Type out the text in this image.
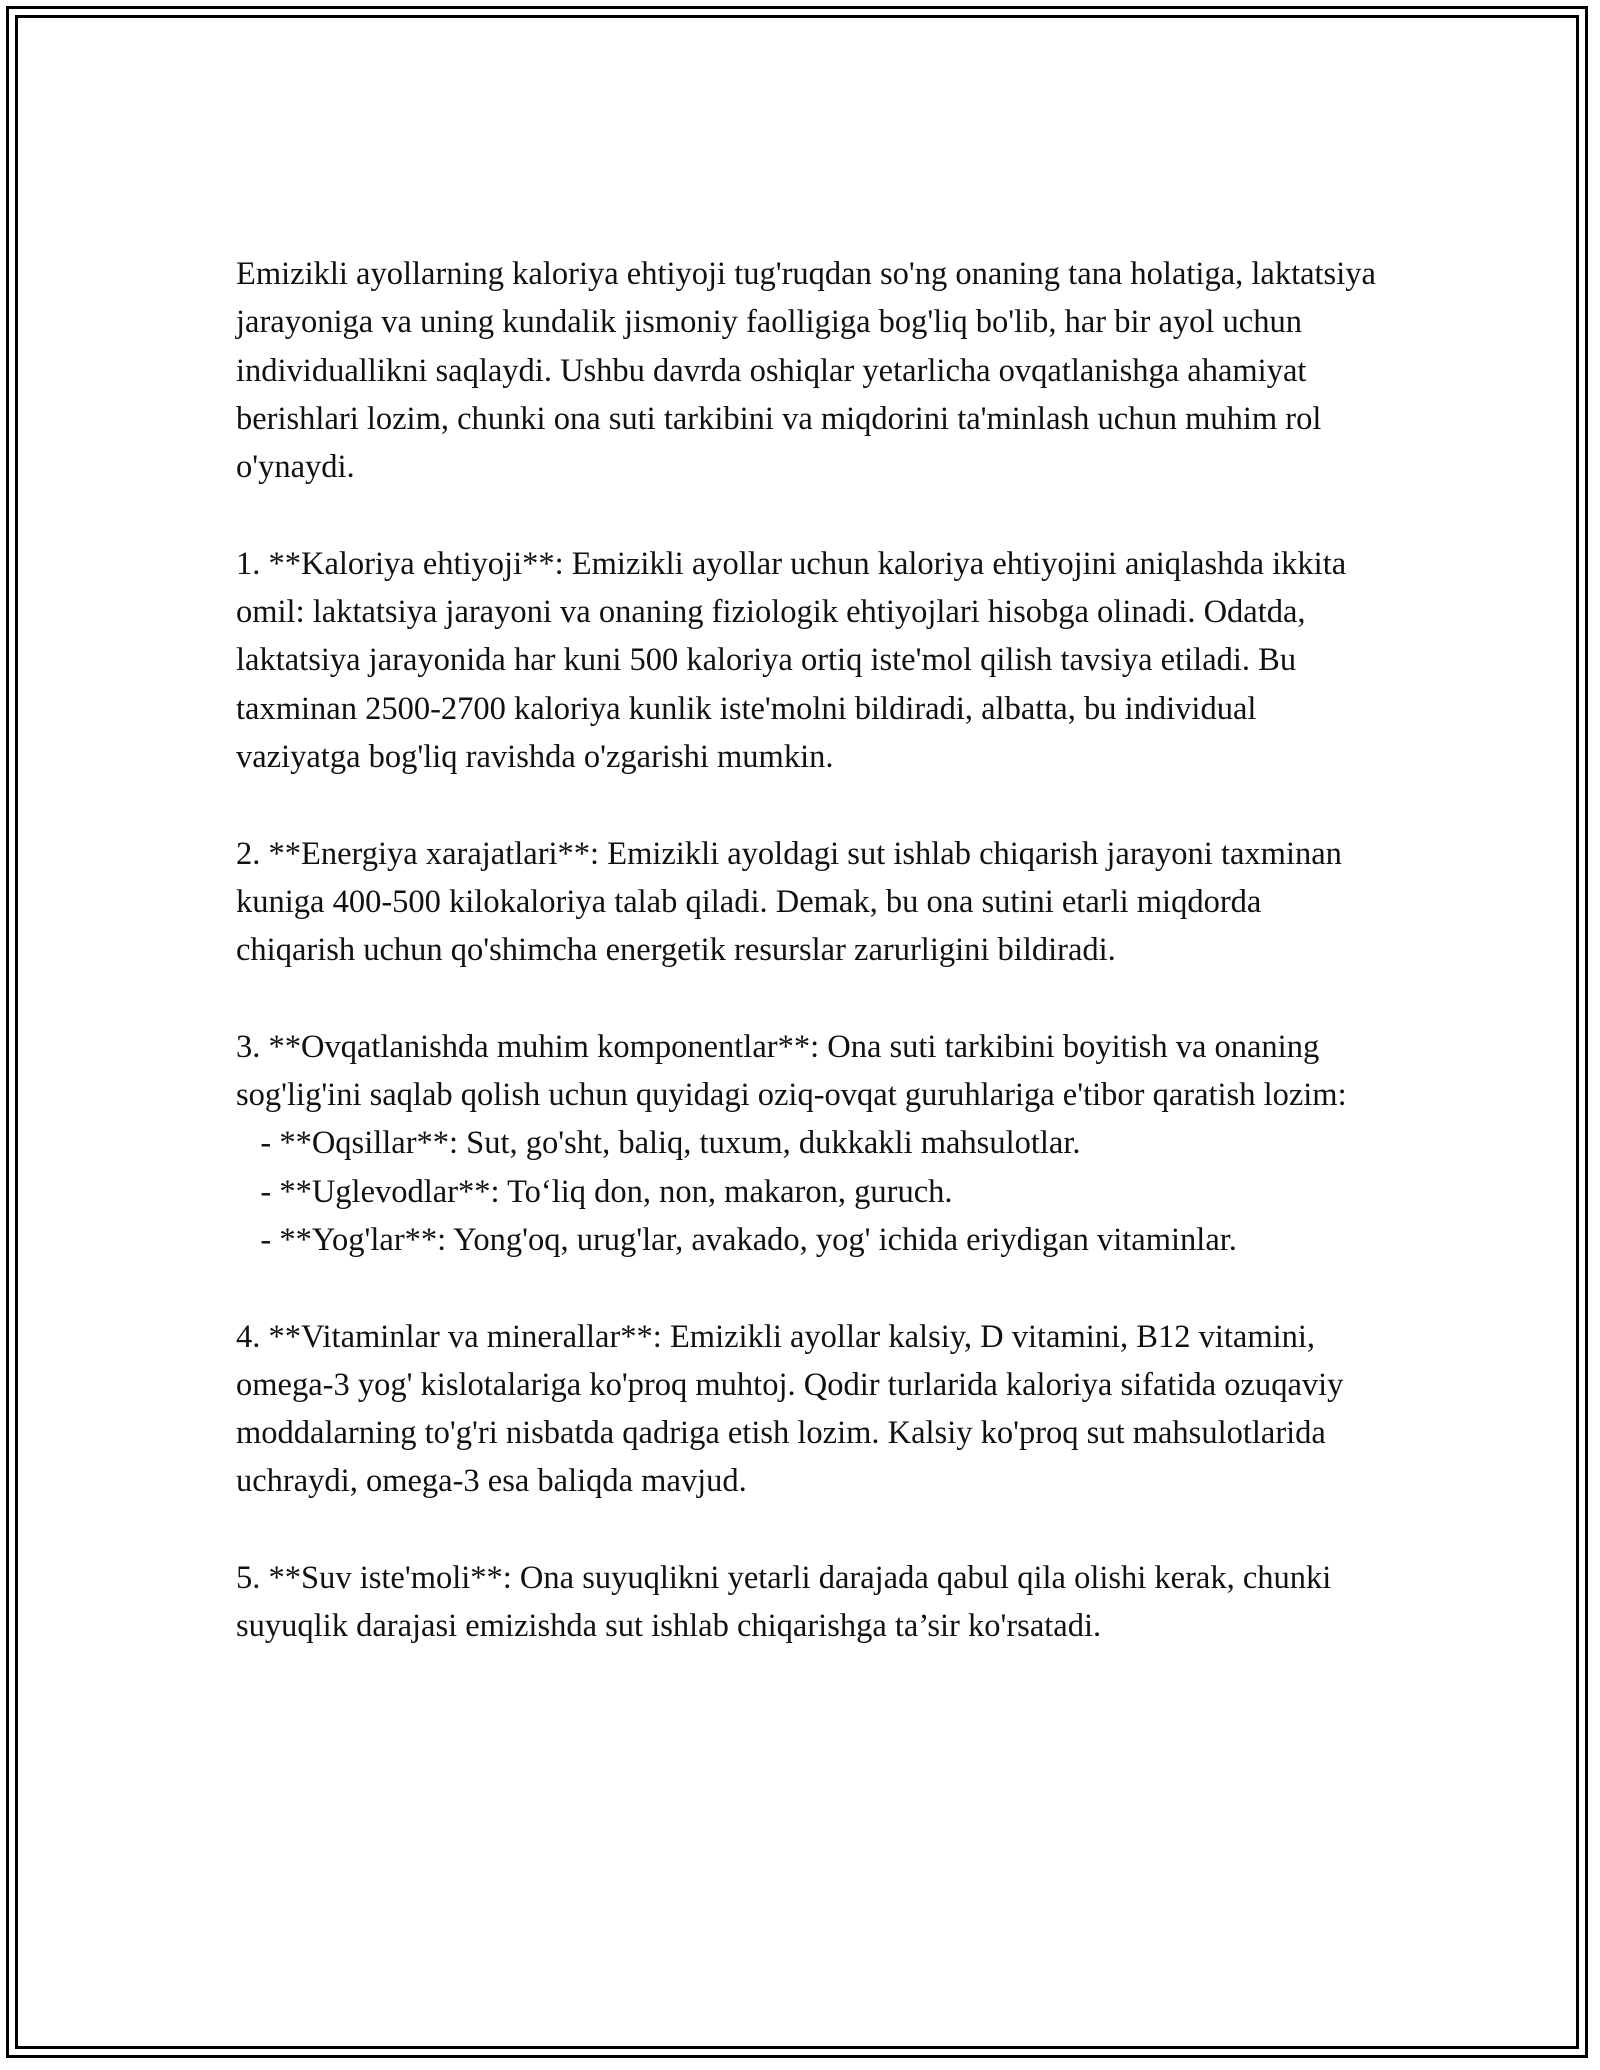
Emizikli ayollarning kaloriya ehtiyoji tug'ruqdan so'ng onaning tana holatiga, laktatsiya jarayoniga va uning kundalik jismoniy faolligiga bog'liq bo'lib, har bir ayol uchun individuallikni saqlaydi. Ushbu davrda oshiqlar yetarlicha ovqatlanishga ahamiyat berishlari lozim, chunki ona suti tarkibini va miqdorini ta'minlash uchun muhim rol o'ynaydi.

1. **Kaloriya ehtiyoji**: Emizikli ayollar uchun kaloriya ehtiyojini aniqlashda ikkita omil: laktatsiya jarayoni va onaning fiziologik ehtiyojlari hisobga olinadi. Odatda, laktatsiya jarayonida har kuni 500 kaloriya ortiq iste'mol qilish tavsiya etiladi. Bu taxminan 2500-2700 kaloriya kunlik iste'molni bildiradi, albatta, bu individual vaziyatga bog'liq ravishda o'zgarishi mumkin.

2. **Energiya xarajatlari**: Emizikli ayoldagi sut ishlab chiqarish jarayoni taxminan kuniga 400-500 kilokaloriya talab qiladi. Demak, bu ona sutini etarli miqdorda chiqarish uchun qo'shimcha energetik resurslar zarurligini bildiradi.

3. **Ovqatlanishda muhim komponentlar**: Ona suti tarkibini boyitish va onaning sog'lig'ini saqlab qolish uchun quyidagi oziq-ovqat guruhlariga e'tibor qaratish lozim:

- **Oqsillar**: Sut, go'sht, baliq, tuxum, dukkakli mahsulotlar.

- **Uglevodlar**: To‘liq don, non, makaron, guruch.

- **Yog'lar**: Yong'oq, urug'lar, avakado, yog' ichida eriydigan vitaminlar.

4. **Vitaminlar va minerallar**: Emizikli ayollar kalsiy, D vitamini, B12 vitamini, omega-3 yog' kislotalariga ko'proq muhtoj. Qodir turlarida kaloriya sifatida ozuqaviy moddalarning to'g'ri nisbatda qadriga etish lozim. Kalsiy ko'proq sut mahsulotlarida uchraydi, omega-3 esa baliqda mavjud.

5. **Suv iste'moli**: Ona suyuqlikni yetarli darajada qabul qila olishi kerak, chunki suyuqlik darajasi emizishda sut ishlab chiqarishga ta’sir ko'rsatadi.
